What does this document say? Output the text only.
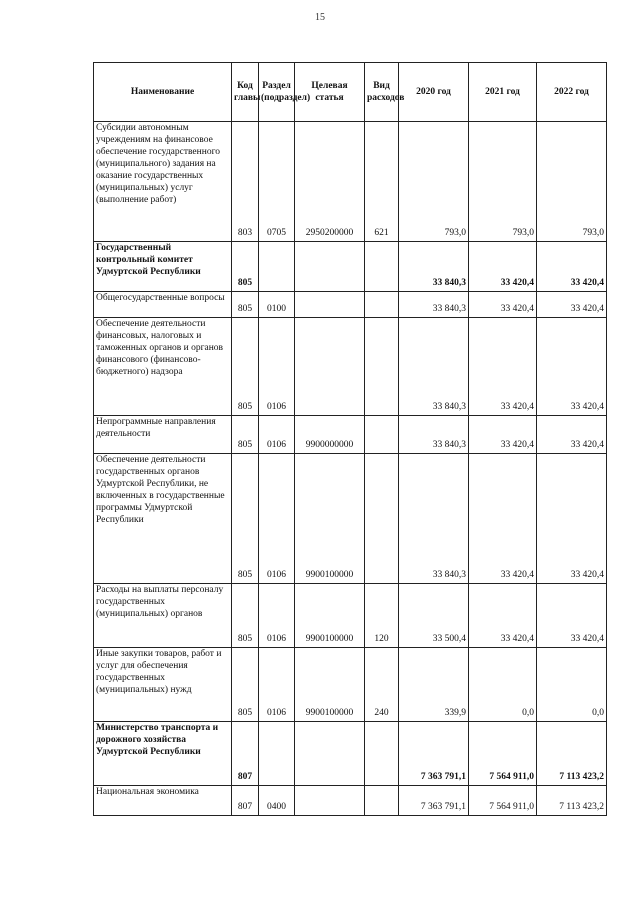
15
Наименование	Код главы	Раздел (подраздел)	Целевая статья	Вид расходов	2020 год	2021 год	2022 год
Субсидии автономным учреждениям на финансовое обеспечение государственного (муниципального) задания на оказание государственных (муниципальных) услуг (выполнение работ)	803	0705	2950200000	621	793,0	793,0	793,0
Государственный контрольный комитет Удмуртской Республики	805				33 840,3	33 420,4	33 420,4
Общегосударственные вопросы	805	0100			33 840,3	33 420,4	33 420,4
Обеспечение деятельности финансовых, налоговых и таможенных органов и органов финансового (финансово-бюджетного) надзора	805	0106			33 840,3	33 420,4	33 420,4
Непрограммные направления деятельности	805	0106	9900000000		33 840,3	33 420,4	33 420,4
Обеспечение деятельности государственных органов Удмуртской Республики, не включенных в государственные программы Удмуртской Республики	805	0106	9900100000		33 840,3	33 420,4	33 420,4
Расходы на выплаты персоналу государственных (муниципальных) органов	805	0106	9900100000	120	33 500,4	33 420,4	33 420,4
Иные закупки товаров, работ и услуг для обеспечения государственных (муниципальных) нужд	805	0106	9900100000	240	339,9	0,0	0,0
Министерство транспорта и дорожного хозяйства Удмуртской Республики	807				7 363 791,1	7 564 911,0	7 113 423,2
Национальная экономика	807	0400			7 363 791,1	7 564 911,0	7 113 423,2
